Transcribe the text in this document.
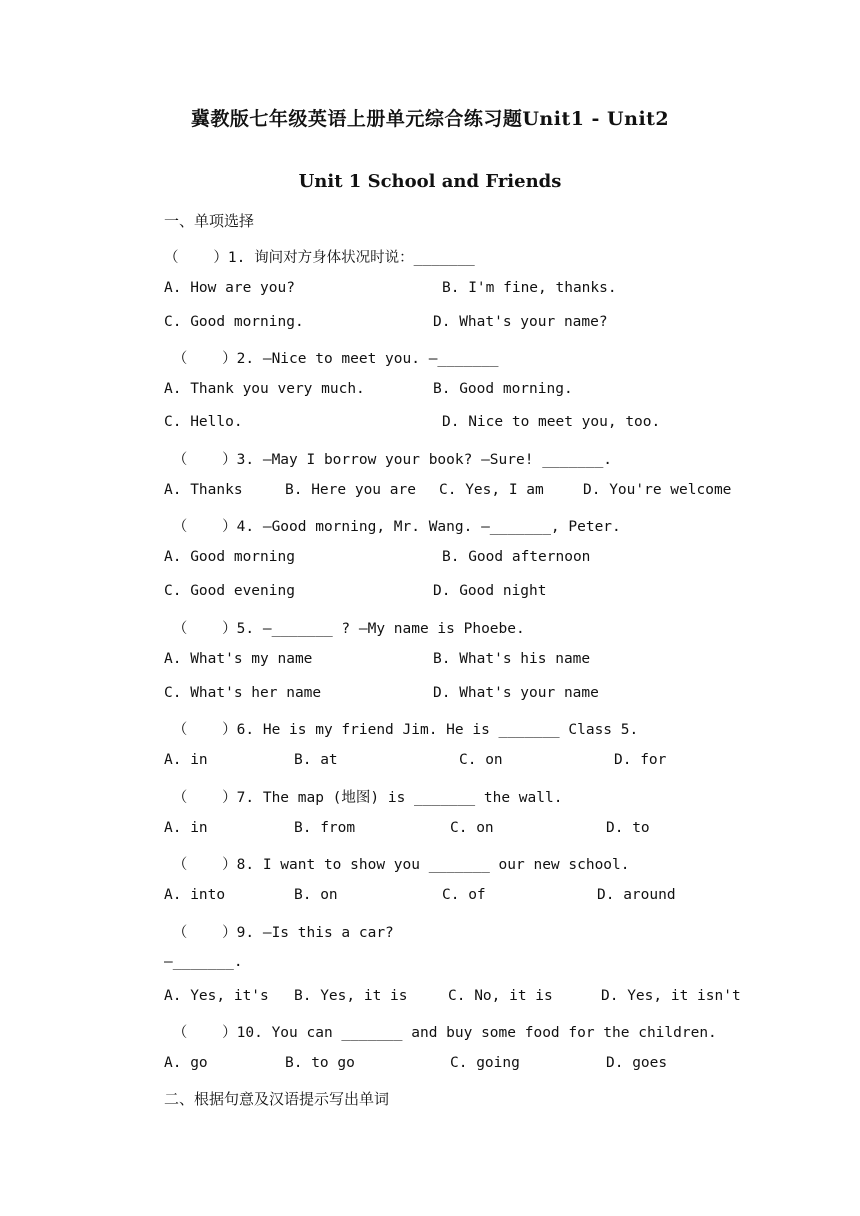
冀教版七年级英语上册单元综合练习题Unit1 - Unit2
Unit 1 School and Friends
一、单项选择
（    ）1. 询问对方身体状况时说：_______
A. How are you?	B. I'm fine, thanks.
C. Good morning.	D. What's your name?
（    ）2. —Nice to meet you. —_______
A. Thank you very much.	B. Good morning.
C. Hello.	D. Nice to meet you, too.
（    ）3. —May I borrow your book? —Sure! _______.
A. Thanks	B. Here you are C. Yes, I am	D. You're welcome
（    ）4. —Good morning, Mr. Wang. —_______, Peter.
A. Good morning	B. Good afternoon
C. Good evening	D. Good night
（    ）5. —_______ ? —My name is Phoebe.
A. What's my name	B. What's his name
C. What's her name	D. What's your name
（    ）6. He is my friend Jim. He is _______ Class 5.
A. in	B. at	C. on	D. for
（    ）7. The map (地图) is _______ the wall.
A. in	B. from	C. on	D. to
（    ）8. I want to show you _______ our new school.
A. into	B. on	C. of	D. around
（    ）9. —Is this a car?
—_______.
A. Yes, it's B. Yes, it is	C. No, it is	D. Yes, it isn't
（    ）10. You can _______ and buy some food for the children.
A. go	B. to go	C. going	D. goes
二、根据句意及汉语提示写出单词
